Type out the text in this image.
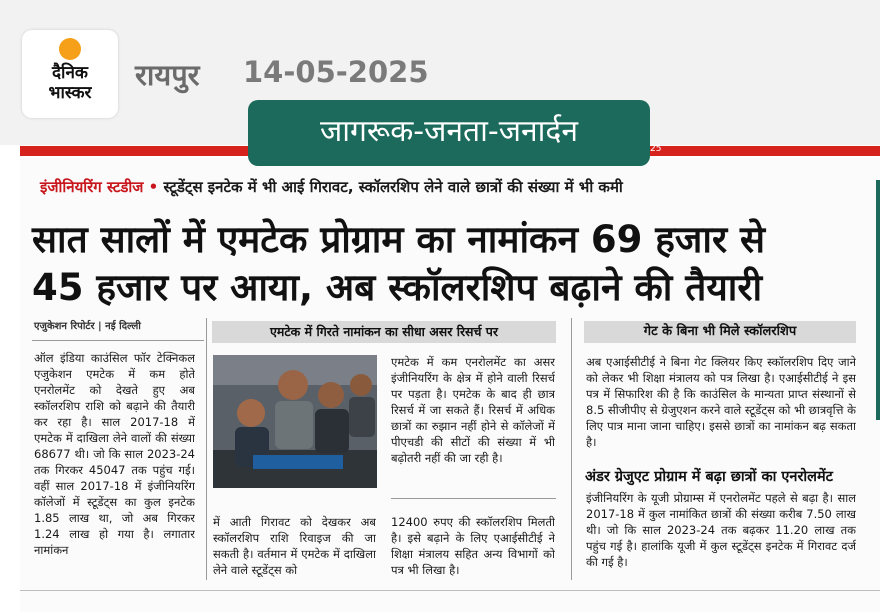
दैनिक
भास्कर
रायपुर 14-05-2025
जागरूक-जनता-जनार्दन	25
इंजीनियरिंग स्टडीज • स्टूडेंट्स इनटेक में भी आई गिरावट, स्कॉलरशिप लेने वाले छात्रों की संख्या में भी कमी
सात सालों में एमटेक प्रोग्राम का नामांकन 69 हजार से
45 हजार पर आया, अब स्कॉलरशिप बढ़ाने की तैयारी
एजुकेशन रिपोर्टर | नई दिल्ली

ऑल इंडिया काउंसिल फॉर टेक्निकल एजुकेशन एमटेक में कम होते एनरोलमेंट को देखते हुए अब स्कॉलरशिप राशि को बढ़ाने की तैयारी कर रहा है। साल 2017-18 में एमटेक में दाखिला लेने वालों की संख्या 68677 थी। जो कि साल 2023-24 तक गिरकर 45047 तक पहुंच गई। वहीं साल 2017-18 में इंजीनियरिंग कॉलेजों में स्टूडेंट्स का कुल इनटेक 1.85 लाख था, जो अब गिरकर 1.24 लाख हो गया है। लगातार नामांकन

एमटेक में गिरते नामांकन का सीधा असर रिसर्च पर

में आती गिरावट को देखकर अब स्कॉलरशिप राशि रिवाइज की जा सकती है। वर्तमान में एमटेक में दाखिला लेने वाले स्टूडेंट्स को

एमटेक में कम एनरोलमेंट का असर इंजीनियरिंग के क्षेत्र में होने वाली रिसर्च पर पड़ता है। एमटेक के बाद ही छात्र रिसर्च में जा सकते हैं। रिसर्च में अधिक छात्रों का रुझान नहीं होने से कॉलेजों में पीएचडी की सीटों की संख्या में भी बढ़ोतरी नहीं की जा रही है।

12400 रुपए की स्कॉलरशिप मिलती है। इसे बढ़ाने के लिए एआईसीटीई ने शिक्षा मंत्रालय सहित अन्य विभागों को पत्र भी लिखा है।

गेट के बिना भी मिले स्कॉलरशिप

अब एआईसीटीई ने बिना गेट क्लियर किए स्कॉलरशिप दिए जाने को लेकर भी शिक्षा मंत्रालय को पत्र लिखा है। एआईसीटीई ने इस पत्र में सिफारिश की है कि काउंसिल के मान्यता प्राप्त संस्थानों से 8.5 सीजीपीए से ग्रेजुएशन करने वाले स्टूडेंट्स को भी छात्रवृत्ति के लिए पात्र माना जाना चाहिए। इससे छात्रों का नामांकन बढ़ सकता है।

अंडर ग्रेजुएट प्रोग्राम में बढ़ा छात्रों का एनरोलमेंट

इंजीनियरिंग के यूजी प्रोग्राम्स में एनरोलमेंट पहले से बढ़ा है। साल 2017-18 में कुल नामांकित छात्रों की संख्या करीब 7.50 लाख थी। जो कि साल 2023-24 तक बढ़कर 11.20 लाख तक पहुंच गई है। हालांकि यूजी में कुल स्टूडेंट्स इनटेक में गिरावट दर्ज की गई है।
